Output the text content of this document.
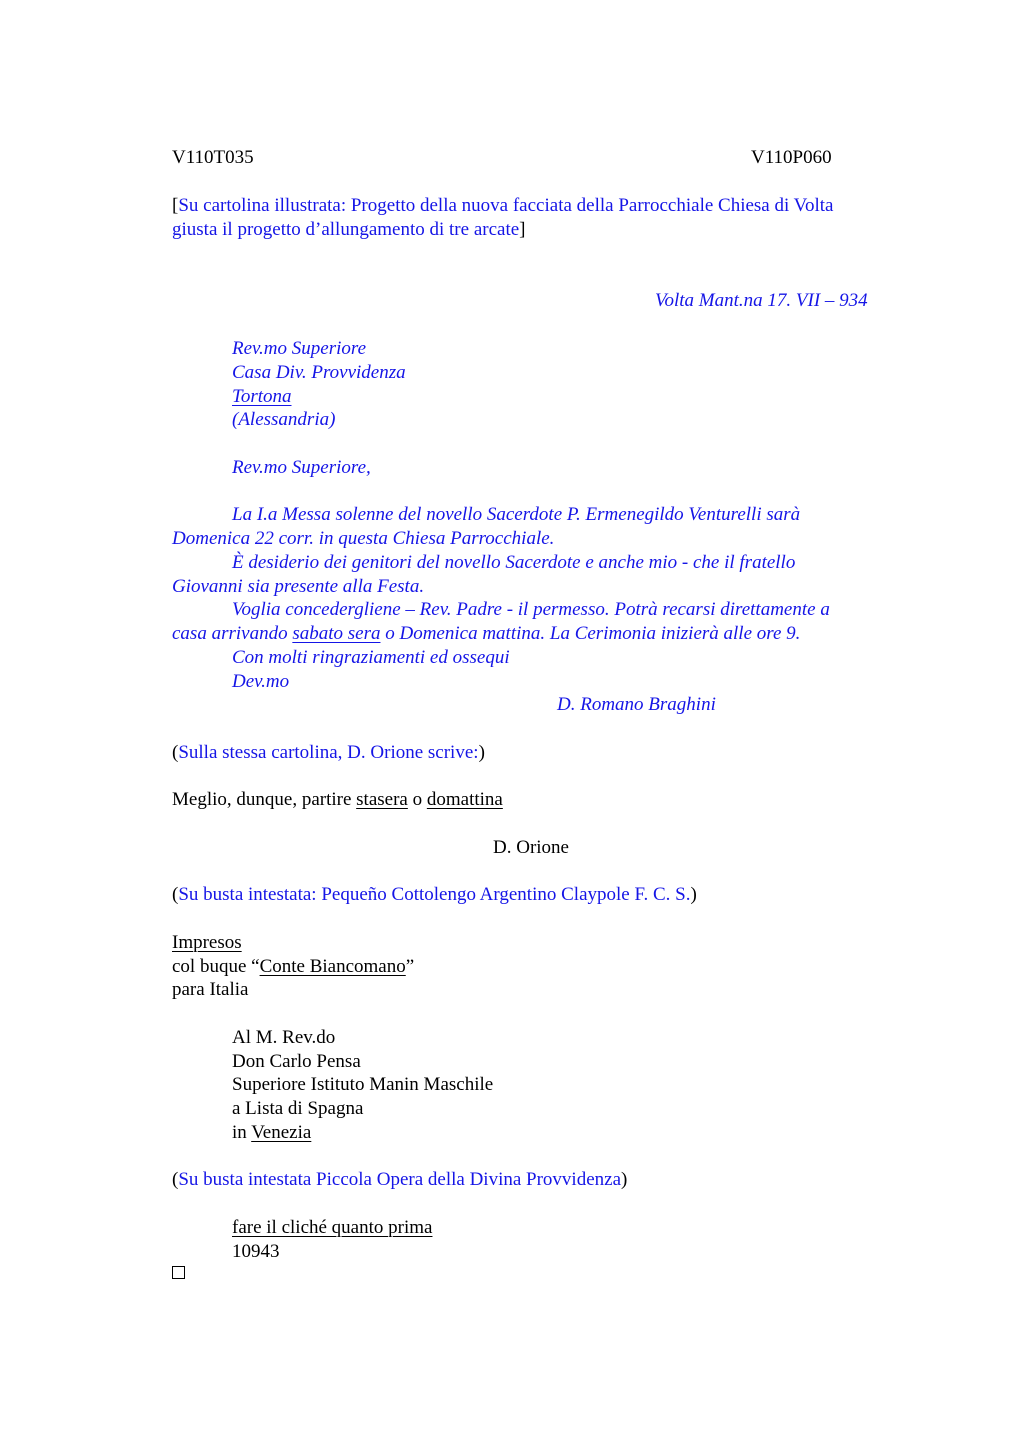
V110T035	V110P060
[Su cartolina illustrata: Progetto della nuova facciata della Parrocchiale Chiesa di Volta
giusta il progetto d’allungamento di tre arcate]
Volta Mant.na 17. VII – 934
Rev.mo Superiore
Casa Div. Provvidenza
Tortona
(Alessandria)
Rev.mo Superiore,
La I.a Messa solenne del novello Sacerdote P. Ermenegildo Venturelli sarà
Domenica 22 corr. in questa Chiesa Parrocchiale.
È desiderio dei genitori del novello Sacerdote e anche mio - che il fratello
Giovanni sia presente alla Festa.
Voglia concedergliene – Rev. Padre - il permesso. Potrà recarsi direttamente a
casa arrivando sabato sera o Domenica mattina. La Cerimonia inizierà alle ore 9.
Con molti ringraziamenti ed ossequi
Dev.mo
D. Romano Braghini
(Sulla stessa cartolina, D. Orione scrive:)
Meglio, dunque, partire stasera o domattina
D. Orione
(Su busta intestata: Pequeño Cottolengo Argentino Claypole F. C. S.)
Impresos
col buque “Conte Biancomano”
para Italia
Al M. Rev.do
Don Carlo Pensa
Superiore Istituto Manin Maschile
a Lista di Spagna
in Venezia
(Su busta intestata Piccola Opera della Divina Provvidenza)
fare il cliché quanto prima
10943
